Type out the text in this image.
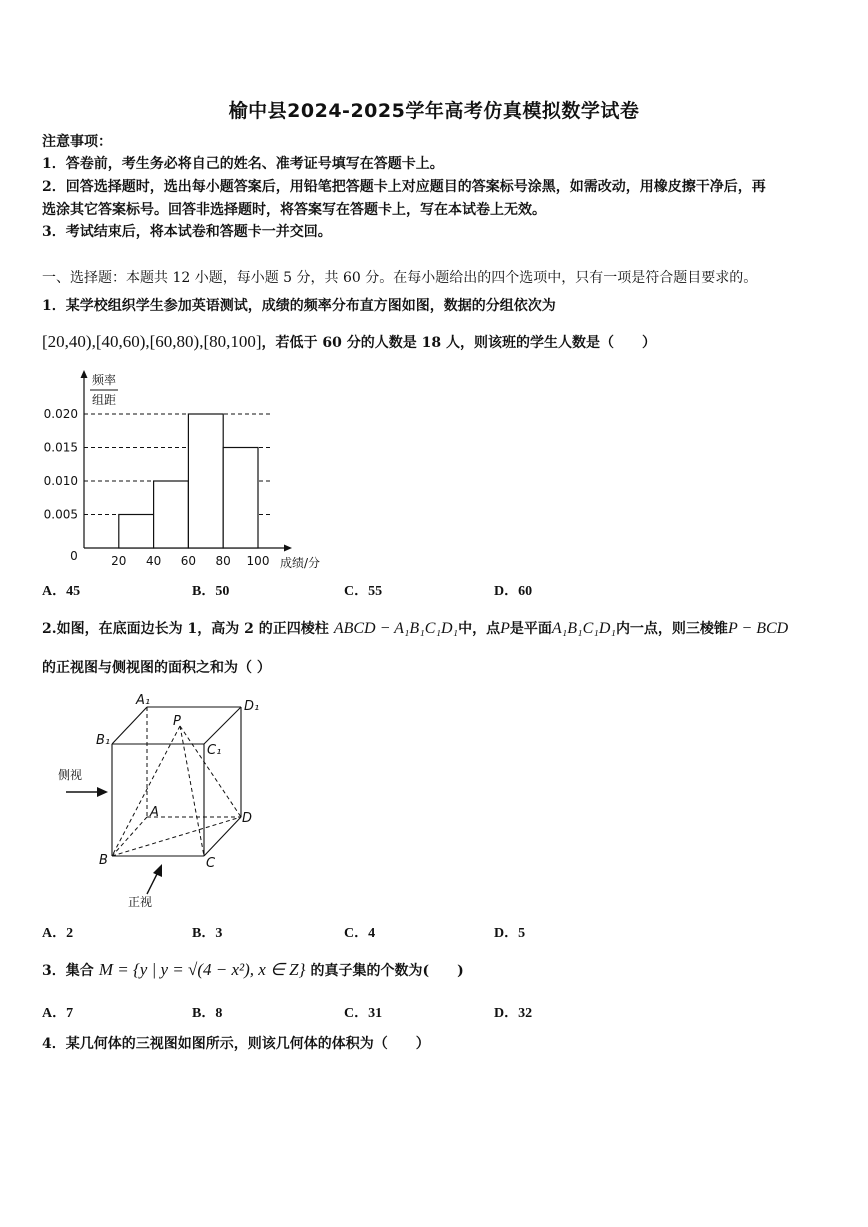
榆中县2024-2025学年高考仿真模拟数学试卷
注意事项：
1．答卷前，考生务必将自己的姓名、准考证号填写在答题卡上。
2．回答选择题时，选出每小题答案后，用铅笔把答题卡上对应题目的答案标号涂黑，如需改动，用橡皮擦干净后，再
选涂其它答案标号。回答非选择题时，将答案写在答题卡上，写在本试卷上无效。
3．考试结束后，将本试卷和答题卡一并交回。
一、选择题：本题共 12 小题，每小题 5 分，共 60 分。在每小题给出的四个选项中，只有一项是符合题目要求的。
1．某学校组织学生参加英语测试，成绩的频率分布直方图如图，数据的分组依次为
[20,40),[40,60),[60,80),[80,100]，若低于 60 分的人数是 18 人，则该班的学生人数是（　　）
0.005
0.010
0.015
0.020
20 40 60 80 100
0
频率
组距
成绩/分
A．45	B．50	C．55	D．60
2.如图，在底面边长为 1，高为 2 的正四棱柱 ABCD − A₁B₁C₁D₁中，点P是平面A₁B₁C₁D₁内一点，则三棱锥P − BCD
的正视图与侧视图的面积之和为（ ）
A₁	D₁
B₁
C₁
P
A	D
B	C
侧视
正视
A．2	B．3	C．4	D．5
3．集合 M = {y | y = √(4 − x²), x ∈ Z} 的真子集的个数为(　　)
A．7	B．8	C．31	D．32
4．某几何体的三视图如图所示，则该几何体的体积为（　　）
